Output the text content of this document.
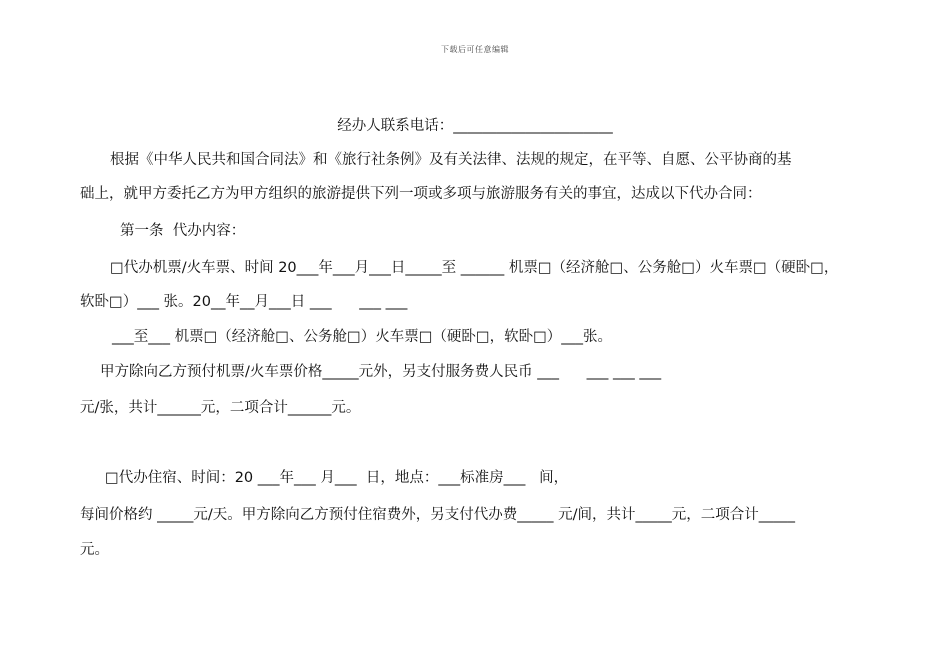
下载后可任意编辑
经办人联系电话：______________________
根据《中华人民共和国合同法》和《旅行社条例》及有关法律、法规的规定，在平等、自愿、公平协商的基
础上，就甲方委托乙方为甲方组织的旅游提供下列一项或多项与旅游服务有关的事宜，达成以下代办合同：
第一条  代办内容：
□代办机票/火车票、时间 20___年___月___日_____至 ______ 机票□（经济舱□、公务舱□）火车票□（硬卧□，
软卧□）___ 张。20__年__月___日 ___      ___ ___
___至___ 机票□（经济舱□、公务舱□）火车票□（硬卧□，软卧□）___张。
甲方除向乙方预付机票/火车票价格_____元外，另支付服务费人民币 ___      ___ ___ ___
元/张，共计______元，二项合计______元。
□代办住宿、时间：20 ___年___ 月___  日，地点：___标准房___   间，
每间价格约 _____元/天。甲方除向乙方预付住宿费外，另支付代办费_____ 元/间，共计_____元，二项合计_____
元。
